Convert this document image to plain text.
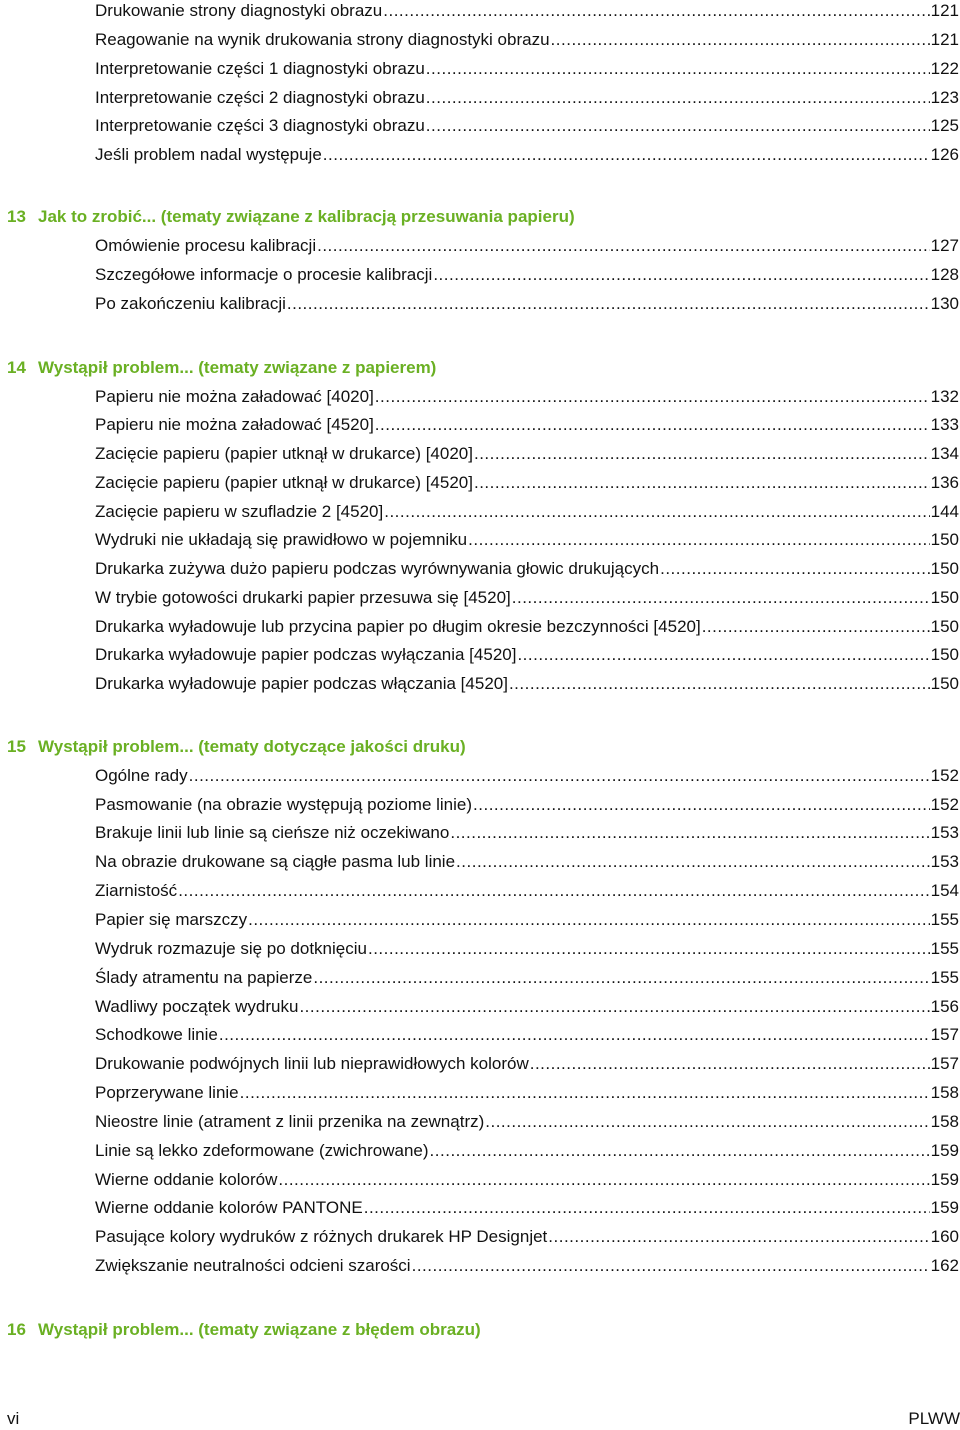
Drukowanie strony diagnostyki obrazu .....	121
Reagowanie na wynik drukowania strony diagnostyki obrazu .....	121
Interpretowanie części 1 diagnostyki obrazu .....	122
Interpretowanie części 2 diagnostyki obrazu .....	123
Interpretowanie części 3 diagnostyki obrazu .....	125
Jeśli problem nadal występuje .....	126
13 Jak to zrobić... (tematy związane z kalibracją przesuwania papieru)
Omówienie procesu kalibracji .....	127
Szczegółowe informacje o procesie kalibracji .....	128
Po zakończeniu kalibracji .....	130
14 Wystąpił problem... (tematy związane z papierem)
Papieru nie można załadować [4020] .....	132
Papieru nie można załadować [4520] .....	133
Zacięcie papieru (papier utknął w drukarce) [4020] .....	134
Zacięcie papieru (papier utknął w drukarce) [4520] .....	136
Zacięcie papieru w szufladzie 2 [4520] .....	144
Wydruki nie układają się prawidłowo w pojemniku .....	150
Drukarka zużywa dużo papieru podczas wyrównywania głowic drukujących .....	150
W trybie gotowości drukarki papier przesuwa się [4520] .....	150
Drukarka wyładowuje lub przycina papier po długim okresie bezczynności [4520] .....	150
Drukarka wyładowuje papier podczas wyłączania [4520] .....	150
Drukarka wyładowuje papier podczas włączania [4520] .....	150
15 Wystąpił problem... (tematy dotyczące jakości druku)
Ogólne rady .....	152
Pasmowanie (na obrazie występują poziome linie) .....	152
Brakuje linii lub linie są cieńsze niż oczekiwano .....	153
Na obrazie drukowane są ciągłe pasma lub linie .....	153
Ziarnistość .....	154
Papier się marszczy .....	155
Wydruk rozmazuje się po dotknięciu .....	155
Ślady atramentu na papierze .....	155
Wadliwy początek wydruku .....	156
Schodkowe linie .....	157
Drukowanie podwójnych linii lub nieprawidłowych kolorów .....	157
Poprzerywane linie .....	158
Nieostre linie (atrament z linii przenika na zewnątrz) .....	158
Linie są lekko zdeformowane (zwichrowane) .....	159
Wierne oddanie kolorów .....	159
Wierne oddanie kolorów PANTONE .....	159
Pasujące kolory wydruków z różnych drukarek HP Designjet .....	160
Zwiększanie neutralności odcieni szarości .....	162
16 Wystąpił problem... (tematy związane z błędem obrazu)
vi	PLWW
